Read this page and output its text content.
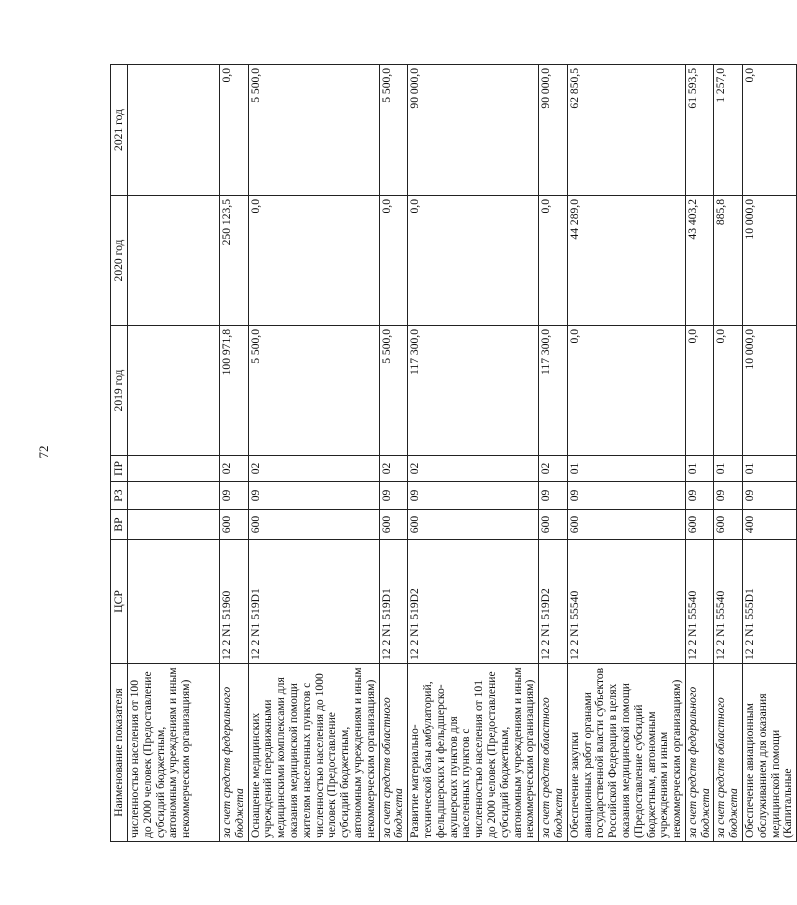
72
Наименование показателя	ЦСР	ВР	РЗ	ПР	2019 год	2020 год	2021 год
численностью населения от 100 до 2000 человек (Предоставление субсидий бюджетным, автономным учреждениям и иным некоммерческим организациям)							
за счет средств федерального бюджета	12 2 N1 51960	600	09	02	100 971,8	250 123,5	0,0
Оснащение медицинских учреждений передвижными медицинскими комплексами для оказания медицинской помощи жителям населенных пунктов с численностью населения до 1000 человек (Предоставление субсидий бюджетным, автономным учреждениям и иным некоммерческим организациям)	12 2 N1 519D1	600	09	02	5 500,0	0,0	5 500,0
за счет средств областного бюджета	12 2 N1 519D1	600	09	02	5 500,0	0,0	5 500,0
Развитие материально-технической базы амбулаторий, фельдшерских и фельдшерско-акушерских пунктов для населенных пунктов с численностью населения от 101 до 2000 человек (Предоставление субсидий бюджетным, автономным учреждениям и иным некоммерческим организациям)	12 2 N1 519D2	600	09	02	117 300,0	0,0	90 000,0
за счет средств областного бюджета	12 2 N1 519D2	600	09	02	117 300,0	0,0	90 000,0
Обеспечение закупки авиационных работ органами государственной власти субъектов Российской Федерации в целях оказания медицинской помощи (Предоставление субсидий бюджетным, автономным учреждениям и иным некоммерческим организациям)	12 2 N1 55540	600	09	01	0,0	44 289,0	62 850,5
за счет средств федерального бюджета	12 2 N1 55540	600	09	01	0,0	43 403,2	61 593,5
за счет средств областного бюджета	12 2 N1 55540	600	09	01	0,0	885,8	1 257,0
Обеспечение авиационным обслуживанием для оказания медицинской помощи (Капитальные	12 2 N1 555D1	400	09	01	10 000,0	10 000,0	0,0
